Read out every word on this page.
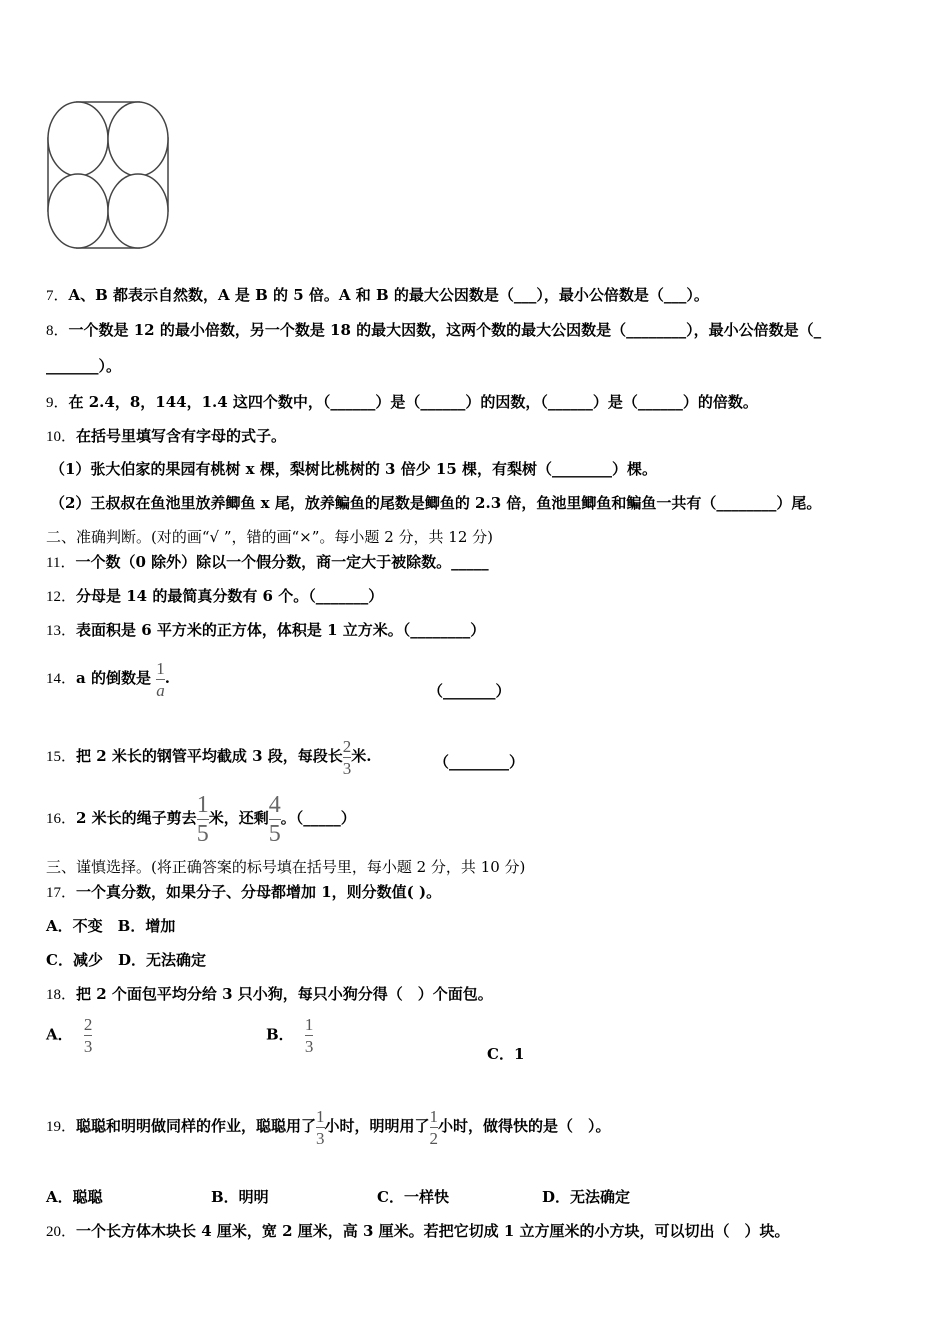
7．A、B 都表示自然数，A 是 B 的 5 倍。A 和 B 的最大公因数是（___），最小公倍数是（___）。
8．一个数是 12 的最小倍数，另一个数是 18 的最大因数，这两个数的最大公因数是（________），最小公倍数是（_
_______）。
9．在 2.4，8，144，1.4 这四个数中，（______）是（______）的因数，（______）是（______）的倍数。
10．在括号里填写含有字母的式子。
（1）张大伯家的果园有桃树 x 棵，梨树比桃树的 3 倍少 15 棵，有梨树（________）棵。
（2）王叔叔在鱼池里放养鲫鱼 x 尾，放养鳊鱼的尾数是鲫鱼的 2.3 倍，鱼池里鲫鱼和鳊鱼一共有（________）尾。
二、准确判断。(对的画“√ ”，错的画“×”。每小题 2 分，共 12 分)
11．一个数（0 除外）除以一个假分数，商一定大于被除数。_____
12．分母是 14 的最简真分数有 6 个。（_______）
13．表面积是 6 平方米的正方体，体积是 1 立方米。（________）
14．a 的倒数是 $\frac{1}{a}$ .
（_______）
15．把 2 米长的钢管平均截成 3 段，每段长 $\frac{2}{3}$ 米.	（________）
16．2 米长的绳子剪去 $\frac{1}{5}$ 米，还剩 $\frac{4}{5}$ 。（_____）
三、谨慎选择。(将正确答案的标号填在括号里，每小题 2 分，共 10 分)
17．一个真分数，如果分子、分母都增加 1，则分数值( )。
A．不变　B．增加
C．减少　D．无法确定
18．把 2 个面包平均分给 3 只小狗，每只小狗分得（　）个面包。
A． $\frac{2}{3}$	B． $\frac{1}{3}$	C．1
19．聪聪和明明做同样的作业，聪聪用了 $\frac{1}{3}$ 小时，明明用了 $\frac{1}{2}$ 小时，做得快的是（　）。
A．聪聪	B．明明	C．一样快	D．无法确定
20．一个长方体木块长 4 厘米，宽 2 厘米，高 3 厘米。若把它切成 1 立方厘米的小方块，可以切出（　）块。
